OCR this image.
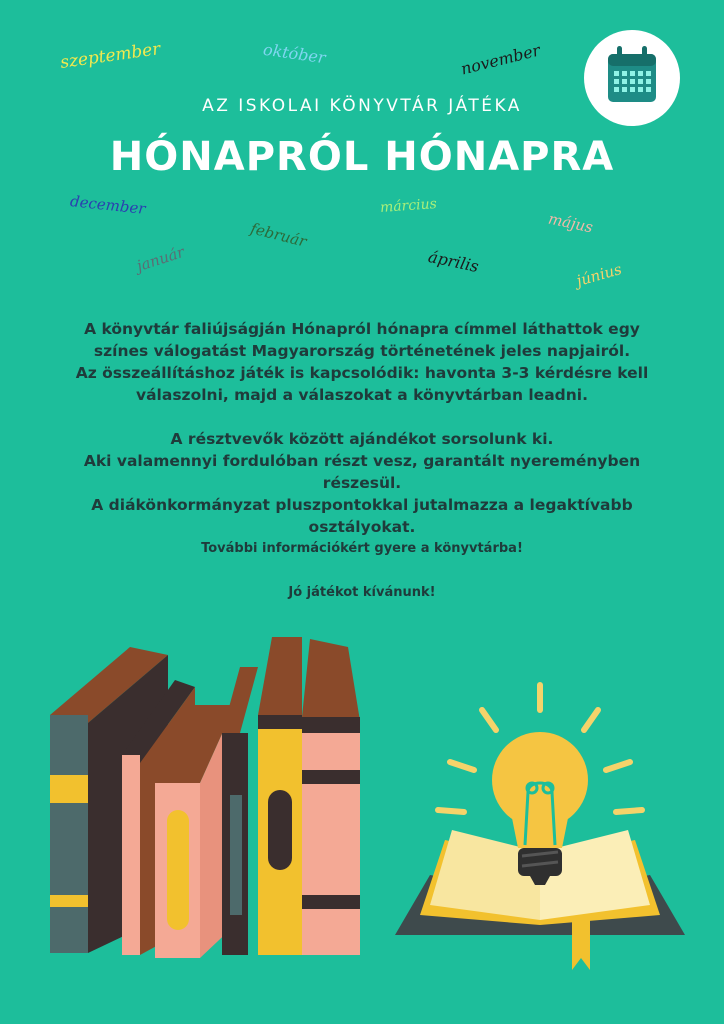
szeptember	október	november
december
január
február
március
április
május
június
AZ ISKOLAI KÖNYVTÁR JÁTÉKA
HÓNAPRÓL HÓNAPRA

A könyvtár faliújságján Hónapról hónapra címmel láthattok egy

színes válogatást Magyarország történetének jeles napjairól.

Az összeállításhoz játék is kapcsolódik: havonta 3-3 kérdésre kell

válaszolni, majd a válaszokat a könyvtárban leadni.

A résztvevők között ajándékot sorsolunk ki.

Aki valamennyi fordulóban részt vesz, garantált nyereményben

részesül.

A diákönkormányzat pluszpontokkal jutalmazza a legaktívabb

osztályokat.

További információkért gyere a könyvtárba!

Jó játékot kívánunk!
